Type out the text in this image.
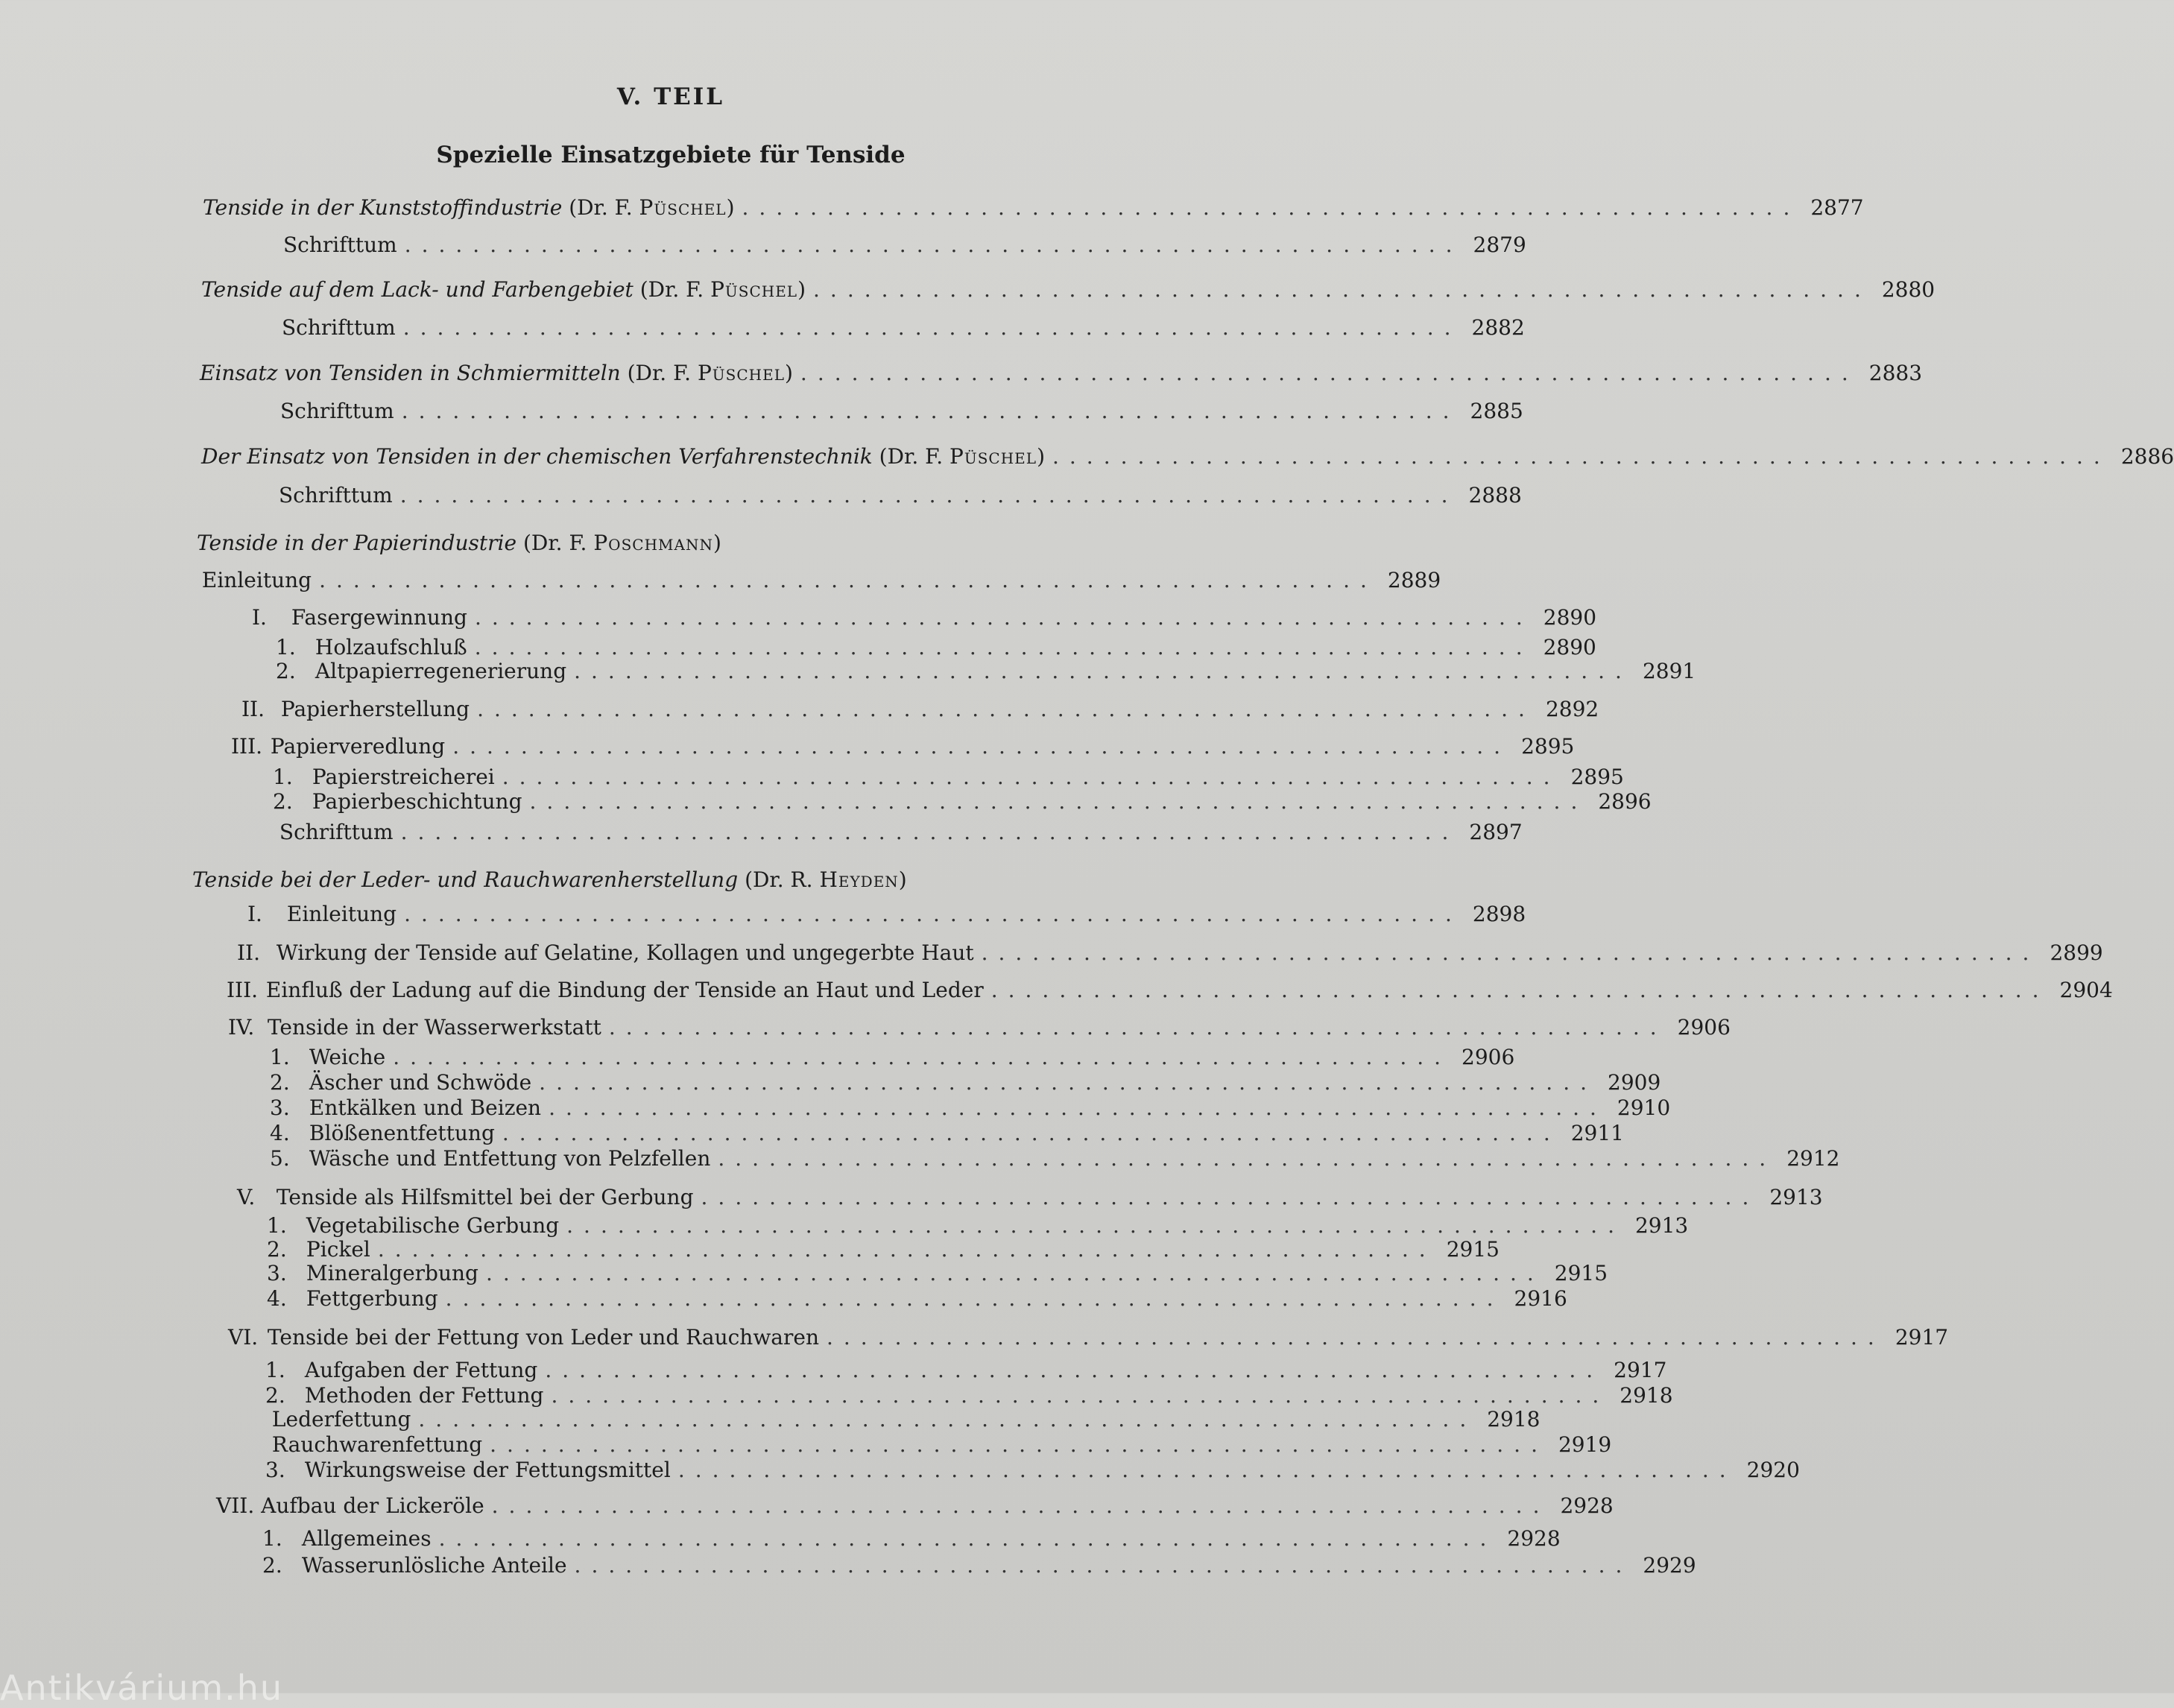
V. TEIL
Spezielle Einsatzgebiete für Tenside
Tenside in der Kunststoffindustrie (Dr. F. Püschel) .............................................................. 2877
Schrifttum .............................................................. 2879
Tenside auf dem Lack- und Farbengebiet (Dr. F. Püschel) .............................................................. 2880
Schrifttum .............................................................. 2882
Einsatz von Tensiden in Schmiermitteln (Dr. F. Püschel) .............................................................. 2883
Schrifttum .............................................................. 2885
Der Einsatz von Tensiden in der chemischen Verfahrenstechnik (Dr. F. Püschel) .............................................................. 2886
Schrifttum .............................................................. 2888
Tenside in der Papierindustrie (Dr. F. Poschmann)
Einleitung .............................................................. 2889
I. Fasergewinnung .............................................................. 2890
1. Holzaufschluß .............................................................. 2890
2. Altpapierregenerierung .............................................................. 2891
II. Papierherstellung .............................................................. 2892
III. Papierveredlung .............................................................. 2895
1. Papierstreicherei .............................................................. 2895
2. Papierbeschichtung .............................................................. 2896
Schrifttum .............................................................. 2897
Tenside bei der Leder- und Rauchwarenherstellung (Dr. R. Heyden)
I. Einleitung .............................................................. 2898
II. Wirkung der Tenside auf Gelatine, Kollagen und ungegerbte Haut .............................................................. 2899
III. Einfluß der Ladung auf die Bindung der Tenside an Haut und Leder .............................................................. 2904
IV. Tenside in der Wasserwerkstatt .............................................................. 2906
1. Weiche .............................................................. 2906
2. Äscher und Schwöde .............................................................. 2909
3. Entkälken und Beizen .............................................................. 2910
4. Blößenentfettung .............................................................. 2911
5. Wäsche und Entfettung von Pelzfellen .............................................................. 2912
V. Tenside als Hilfsmittel bei der Gerbung .............................................................. 2913
1. Vegetabilische Gerbung .............................................................. 2913
2. Pickel .............................................................. 2915
3. Mineralgerbung .............................................................. 2915
4. Fettgerbung .............................................................. 2916
VI. Tenside bei der Fettung von Leder und Rauchwaren .............................................................. 2917
1. Aufgaben der Fettung .............................................................. 2917
2. Methoden der Fettung .............................................................. 2918
Lederfettung .............................................................. 2918
Rauchwarenfettung .............................................................. 2919
3. Wirkungsweise der Fettungsmittel .............................................................. 2920
VII. Aufbau der Lickeröle .............................................................. 2928
1. Allgemeines .............................................................. 2928
2. Wasserunlösliche Anteile .............................................................. 2929
Antikvárium.hu
